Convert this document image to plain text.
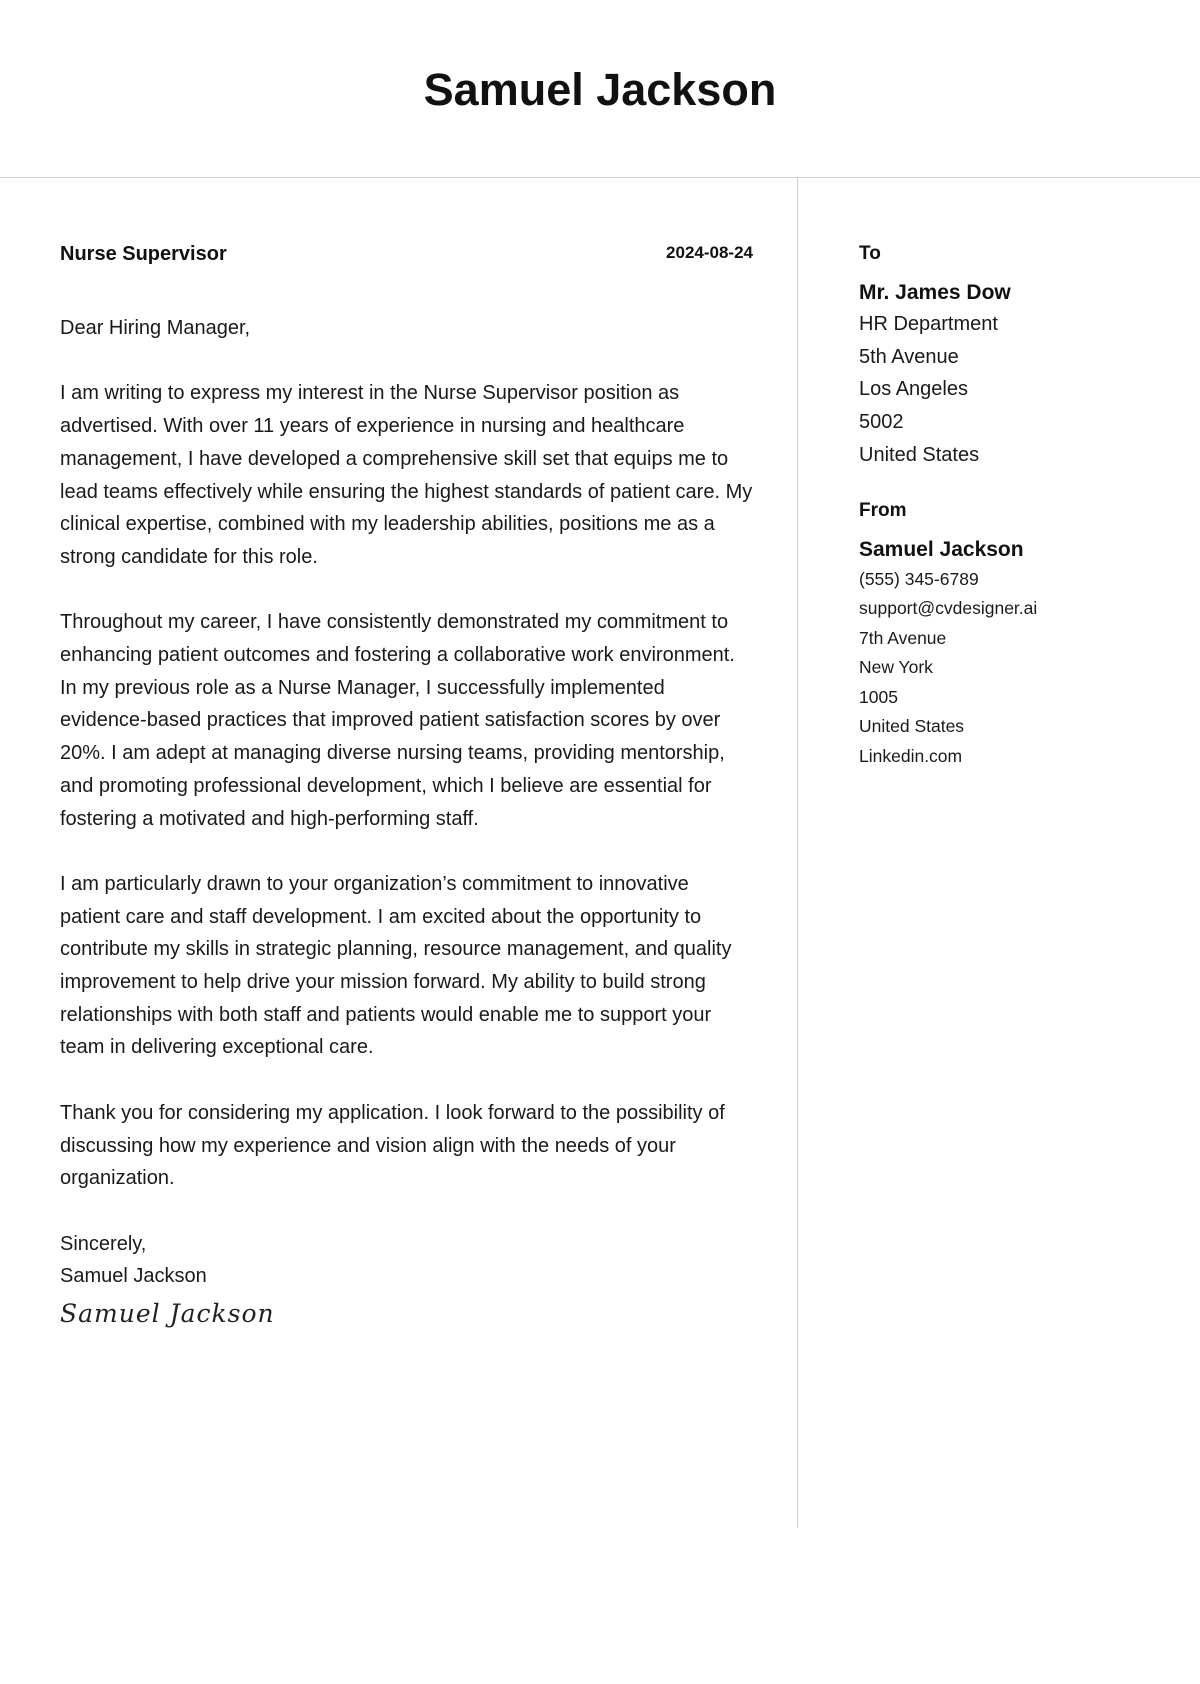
Samuel Jackson
Nurse Supervisor	2024-08-24

Dear Hiring Manager,

I am writing to express my interest in the Nurse Supervisor position as advertised. With over 11 years of experience in nursing and healthcare management, I have developed a comprehensive skill set that equips me to lead teams effectively while ensuring the highest standards of patient care. My clinical expertise, combined with my leadership abilities, positions me as a strong candidate for this role.

Throughout my career, I have consistently demonstrated my commitment to enhancing patient outcomes and fostering a collaborative work environment. In my previous role as a Nurse Manager, I successfully implemented evidence-based practices that improved patient satisfaction scores by over 20%. I am adept at managing diverse nursing teams, providing mentorship, and promoting professional development, which I believe are essential for fostering a motivated and high-performing staff.

I am particularly drawn to your organization’s commitment to innovative patient care and staff development. I am excited about the opportunity to contribute my skills in strategic planning, resource management, and quality improvement to help drive your mission forward. My ability to build strong relationships with both staff and patients would enable me to support your team in delivering exceptional care.

Thank you for considering my application. I look forward to the possibility of discussing how my experience and vision align with the needs of your organization.

Sincerely,

Samuel Jackson

Samuel Jackson
To
Mr. James Dow
HR Department
5th Avenue
Los Angeles
5002
United States
From
Samuel Jackson
(555) 345-6789
support@cvdesigner.ai
7th Avenue
New York
1005
United States
Linkedin.com
